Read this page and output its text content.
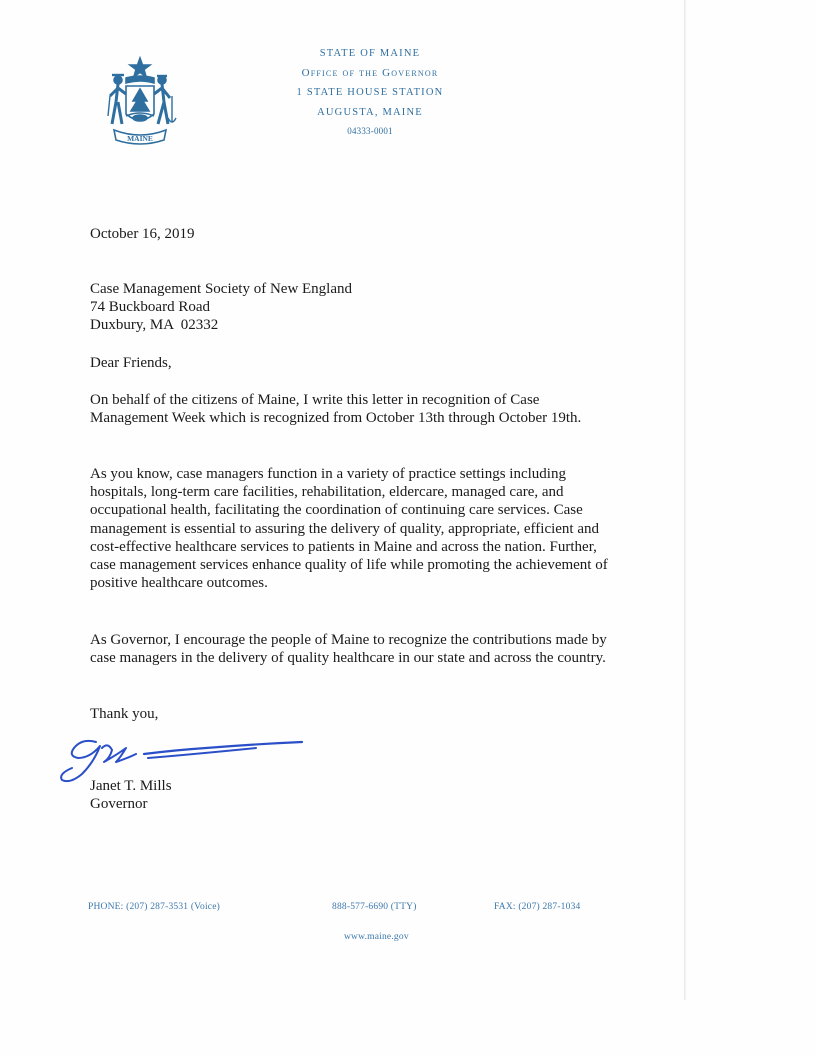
MAINE
STATE OF MAINE
Office of the Governor
1 STATE HOUSE STATION
AUGUSTA, MAINE
04333-0001
October 16, 2019
Case Management Society of New England
74 Buckboard Road
Duxbury, MA  02332
Dear Friends,

On behalf of the citizens of Maine, I write this letter in recognition of Case Management Week which is recognized from October 13th through October 19th.

As you know, case managers function in a variety of practice settings including hospitals, long-term care facilities, rehabilitation, eldercare, managed care, and occupational health, facilitating the coordination of continuing care services. Case management is essential to assuring the delivery of quality, appropriate, efficient and cost-effective healthcare services to patients in Maine and across the nation. Further, case management services enhance quality of life while promoting the achievement of positive healthcare outcomes.

As Governor, I encourage the people of Maine to recognize the contributions made by case managers in the delivery of quality healthcare in our state and across the country.

Thank you,
Janet T. Mills
Governor
PHONE: (207) 287-3531 (Voice)	888-577-6690 (TTY)	FAX: (207) 287-1034
www.maine.gov
